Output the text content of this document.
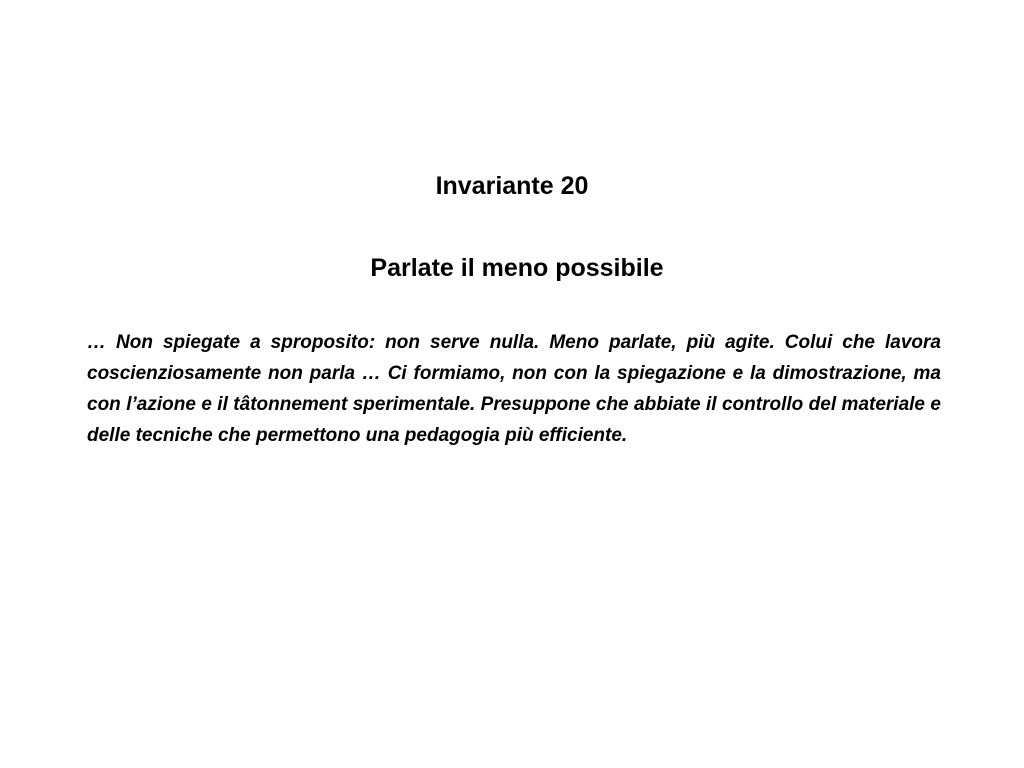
Invariante 20
Parlate il meno possibile

… Non spiegate a sproposito: non serve nulla. Meno parlate, più agite. Colui che lavora coscienziosamente non parla … Ci formiamo, non con la spiegazione e la dimostrazione, ma con l’azione e il tâtonnement sperimentale. Presuppone che abbiate il controllo del materiale e delle tecniche che permettono una pedagogia più efficiente.
